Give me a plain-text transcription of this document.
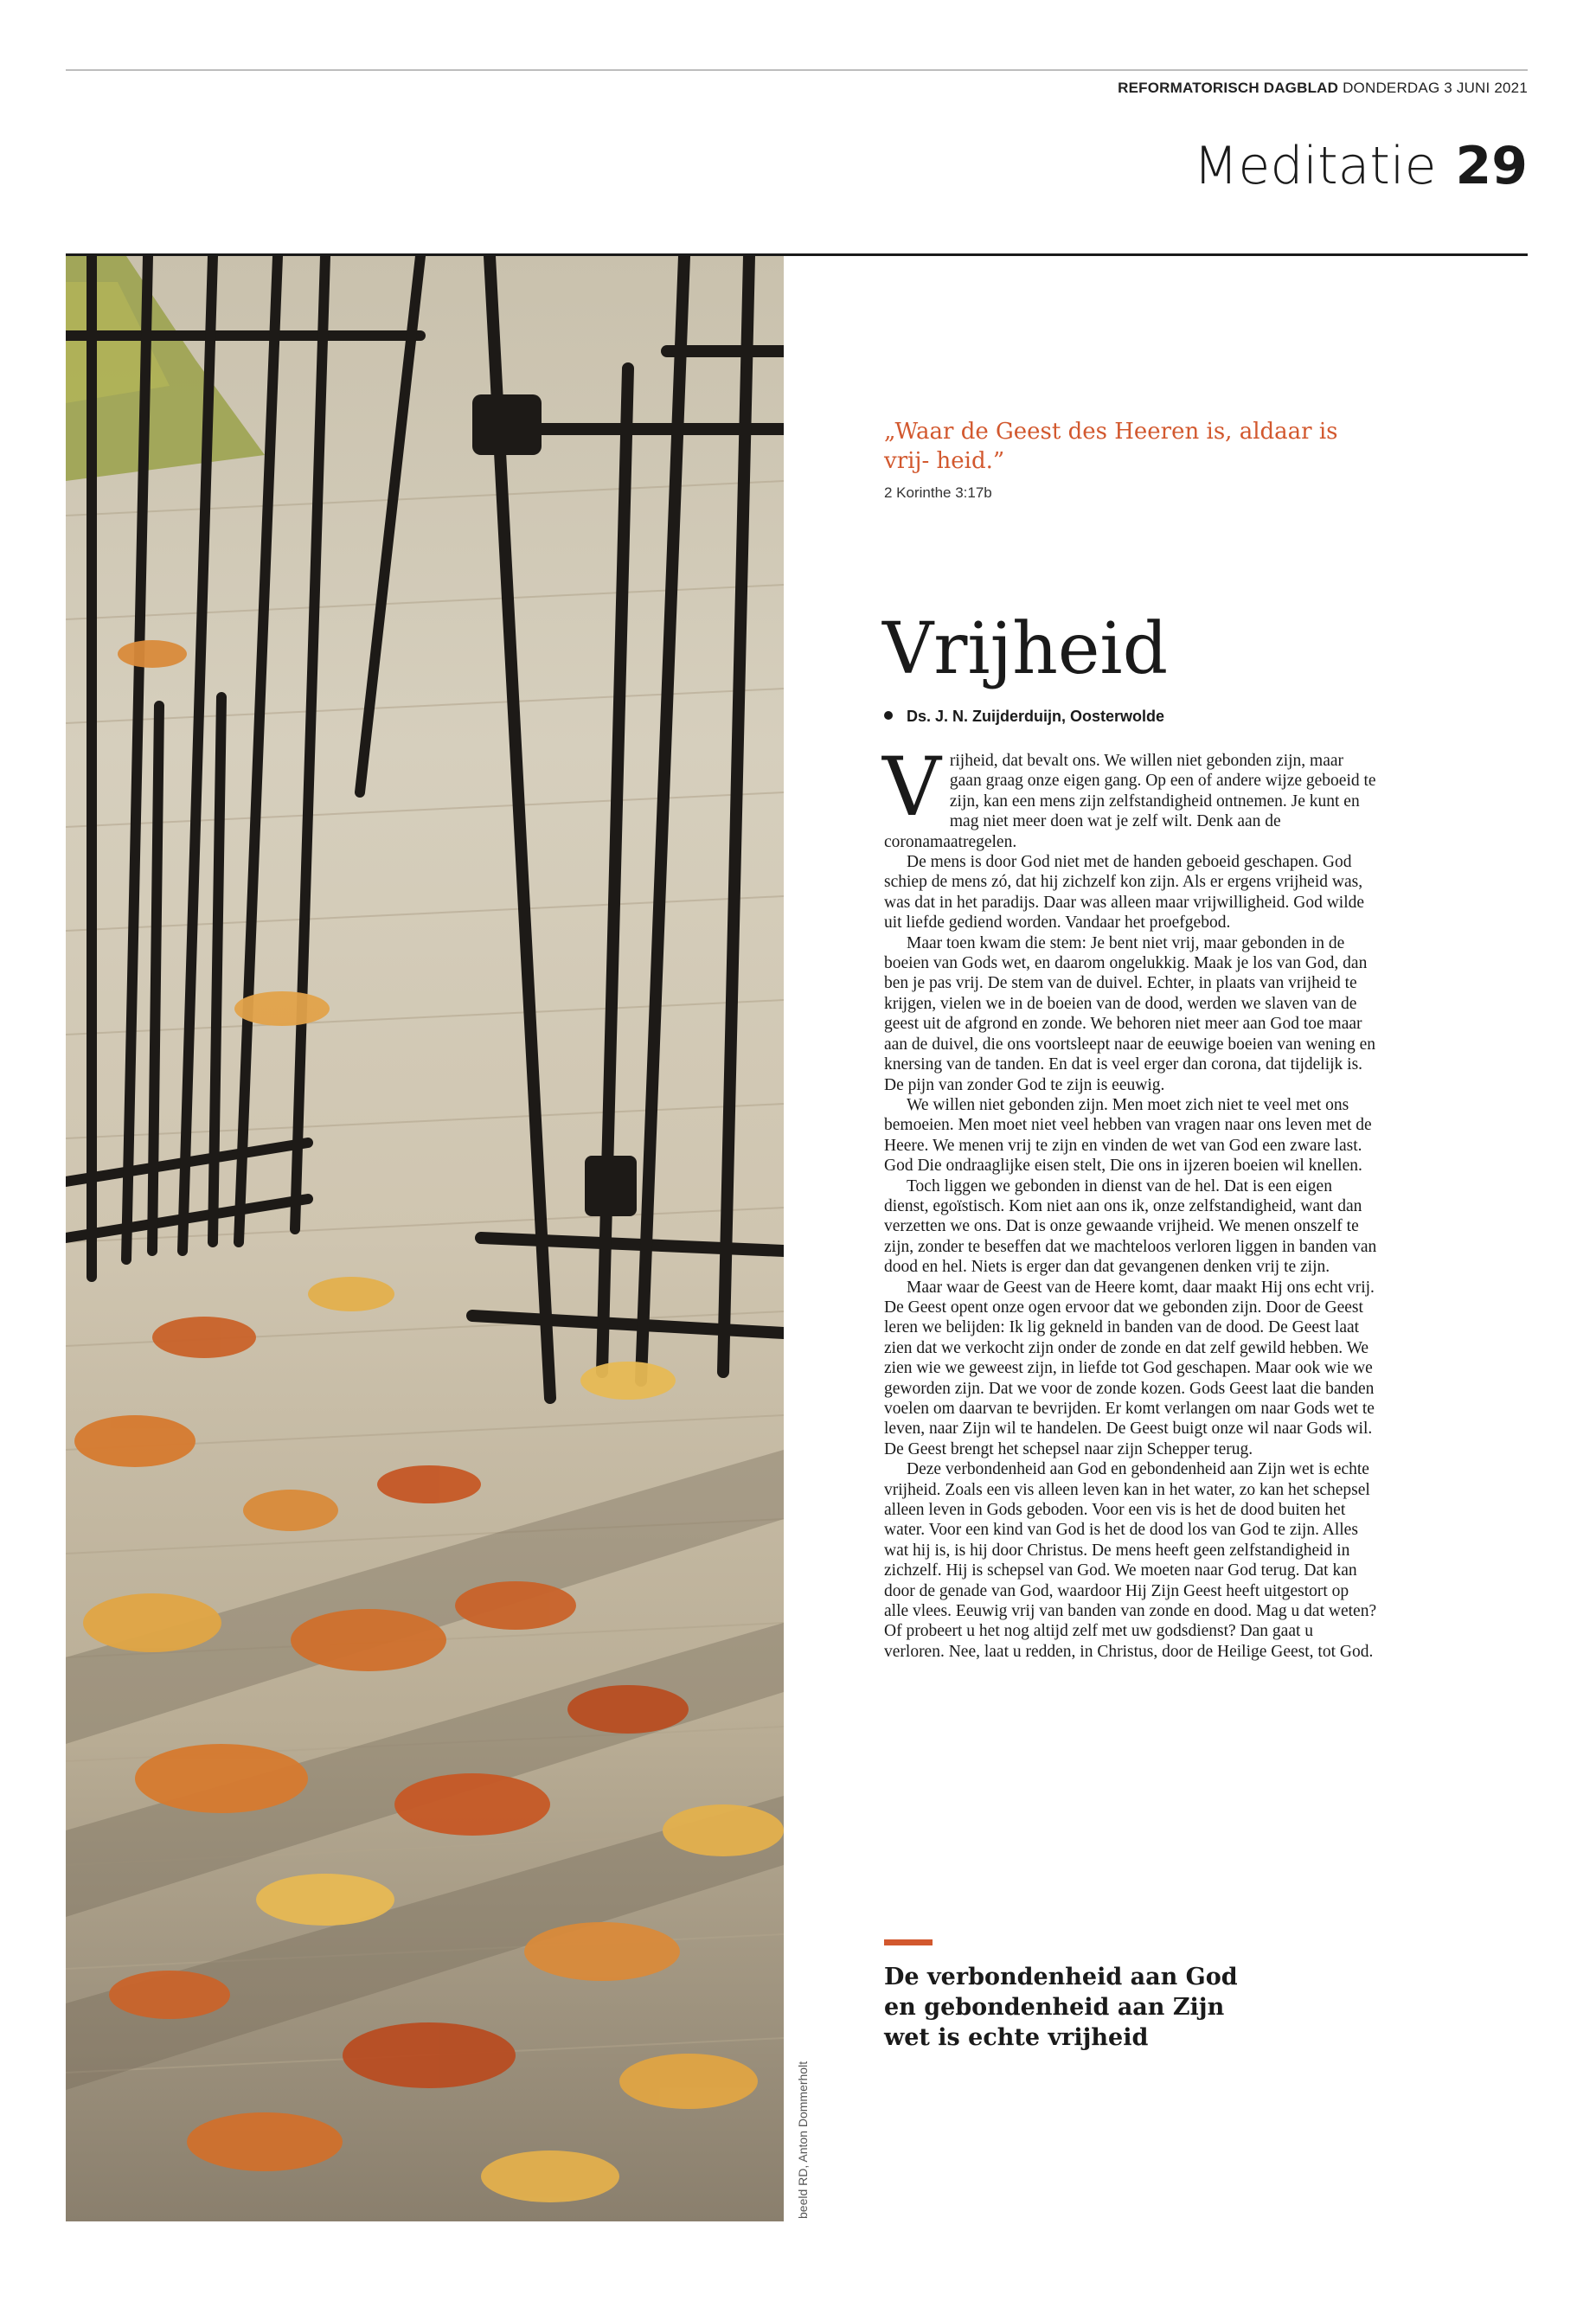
REFORMATORISCH DAGBLAD DONDERDAG 3 JUNI 2021
Meditatie 29
beeld RD, Anton Dommerholt
„Waar de Geest des Heeren is, aldaar is vrij- heid.”
2 Korinthe 3:17b
Vrijheid
Ds. J. N. Zuijderduijn, Oosterwolde

Vrijheid, dat bevalt ons. We willen niet gebonden zijn, maar gaan graag onze eigen gang. Op een of andere wijze geboeid te zijn, kan een mens zijn zelfstandigheid ontnemen. Je kunt en mag niet meer doen wat je zelf wilt. Denk aan de coronamaatregelen.

De mens is door God niet met de handen geboeid geschapen. God schiep de mens zó, dat hij zichzelf kon zijn. Als er ergens vrijheid was, was dat in het paradijs. Daar was alleen maar vrijwilligheid. God wilde uit liefde gediend worden. Vandaar het proefgebod.

Maar toen kwam die stem: Je bent niet vrij, maar gebonden in de boeien van Gods wet, en daarom ongelukkig. Maak je los van God, dan ben je pas vrij. De stem van de duivel. Echter, in plaats van vrijheid te krijgen, vielen we in de boeien van de dood, werden we slaven van de geest uit de afgrond en zonde. We behoren niet meer aan God toe maar aan de duivel, die ons voortsleept naar de eeuwige boeien van wening en knersing van de tanden. En dat is veel erger dan corona, dat tijdelijk is. De pijn van zonder God te zijn is eeuwig.

We willen niet gebonden zijn. Men moet zich niet te veel met ons bemoeien. Men moet niet veel hebben van vragen naar ons leven met de Heere. We menen vrij te zijn en vinden de wet van God een zware last. God Die ondraaglijke eisen stelt, Die ons in ijzeren boeien wil knellen.

Toch liggen we gebonden in dienst van de hel. Dat is een eigen dienst, egoïstisch. Kom niet aan ons ik, onze zelfstandigheid, want dan verzetten we ons. Dat is onze gewaande vrijheid. We menen onszelf te zijn, zonder te beseffen dat we machteloos verloren liggen in banden van dood en hel. Niets is erger dan dat gevangenen denken vrij te zijn.

Maar waar de Geest van de Heere komt, daar maakt Hij ons echt vrij. De Geest opent onze ogen ervoor dat we gebonden zijn. Door de Geest leren we belijden: Ik lig gekneld in banden van de dood. De Geest laat zien dat we verkocht zijn onder de zonde en dat zelf gewild hebben. We zien wie we geweest zijn, in liefde tot God geschapen. Maar ook wie we geworden zijn. Dat we voor de zonde kozen. Gods Geest laat die banden voelen om daarvan te bevrijden. Er komt verlangen om naar Gods wet te leven, naar Zijn wil te handelen. De Geest buigt onze wil naar Gods wil. De Geest brengt het schepsel naar zijn Schepper terug.

Deze verbondenheid aan God en gebondenheid aan Zijn wet is echte vrijheid. Zoals een vis alleen leven kan in het water, zo kan het schepsel alleen leven in Gods geboden. Voor een vis is het de dood buiten het water. Voor een kind van God is het de dood los van God te zijn. Alles wat hij is, is hij door Christus. De mens heeft geen zelfstandigheid in zichzelf. Hij is schepsel van God. We moeten naar God terug. Dat kan door de genade van God, waardoor Hij Zijn Geest heeft uitgestort op alle vlees. Eeuwig vrij van banden van zonde en dood. Mag u dat weten? Of probeert u het nog altijd zelf met uw godsdienst? Dan gaat u verloren. Nee, laat u redden, in Christus, door de Heilige Geest, tot God.

De verbondenheid aan God en gebondenheid aan Zijn wet is echte vrijheid
